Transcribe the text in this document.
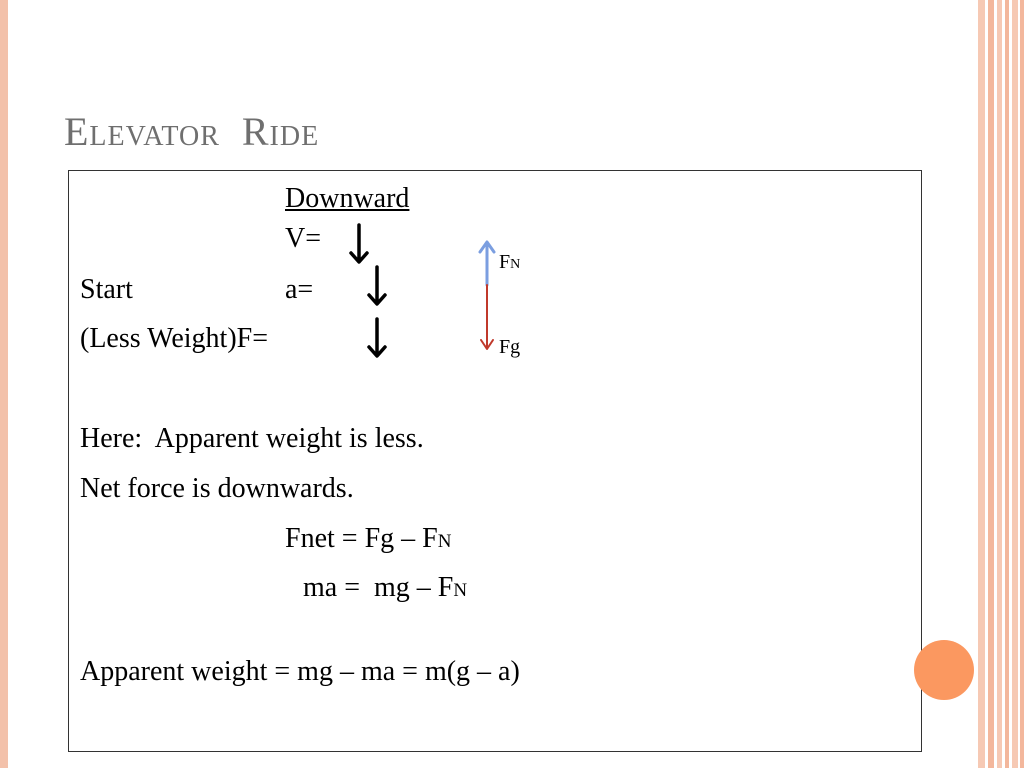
Elevator  Ride
Downward
V=
Start	a=
(Less Weight)F=
FN
Fg
Here:  Apparent weight is less.
Net force is downwards.
Fnet = Fg – FN
ma =  mg – FN
Apparent weight = mg – ma = m(g – a)
